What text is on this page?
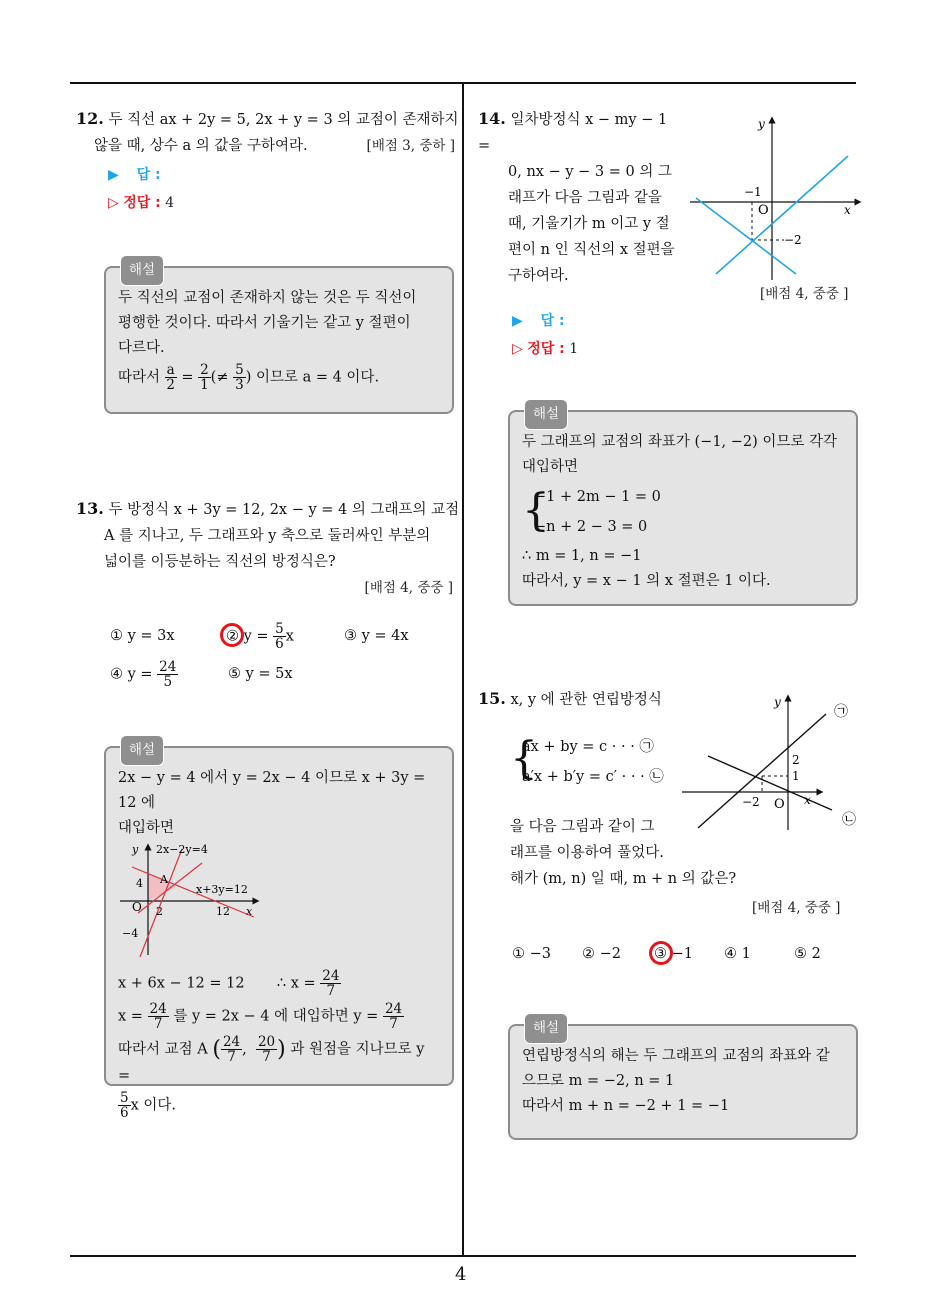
4
12. 두 직선 ax + 2y = 5, 2x + y = 3 의 교점이 존재하지
않을 때, 상수 a 의 값을 구하여라.	[배점 3, 중하 ]
▶ 답 :
▷ 정답 : 4
해설
두 직선의 교점이 존재하지 않는 것은 두 직선이
평행한 것이다. 따라서 기울기는 같고 y 절편이
다르다.
따라서 $\frac{a}{2} = \frac{2}{1}$ (≠ $\frac{5}{3}$ ) 이므로 a = 4 이다.
13. 두 방정식 x + 3y = 12, 2x − y = 4 의 그래프의 교점
A 를 지나고, 두 그래프와 y 축으로 둘러싸인 부분의
넓이를 이등분하는 직선의 방정식은?
[배점 4, 중중 ]
① y = 3x	② $y = \frac{5}{6}$ x	③ y = 4x
④ $y = \frac{24}{5}$	⑤ y = 5x
해설
2x − y = 4 에서 y = 2x − 4 이므로 x + 3y = 12 에
대입하면
y
x
O
2x−2y=4
x+3y=12
A
4
2	12
−4
x + 6x − 12 = 12 ∴ $x = \frac{24}{7}$
$x = \frac{24}{7}$ 를 y = 2x − 4 에 대입하면 $y = \frac{24}{7}$
따라서 교점 A ( $\frac{24}{7}$ , $\frac{20}{7}$ ) 과 원점을 지나므로 y =
$\frac{5}{6}$ x 이다.
14. 일차방정식 x − my − 1 =
0, nx − y − 3 = 0 의 그
래프가 다음 그림과 같을
때, 기울기가 m 이고 y 절
편이 n 인 직선의 x 절편을
구하여라.
y
x
O
−1
−2
[배점 4, 중중 ]
▶ 답 :
▷ 정답 : 1
해설
두 그래프의 교점의 좌표가 (−1, −2) 이므로 각각
대입하면
{
−1 + 2m − 1 = 0
−n + 2 − 3 = 0
∴ m = 1, n = −1
따라서, y = x − 1 의 x 절편은 1 이다.
15. x, y 에 관한 연립방정식
{
ax + by = c · · · ㉠
a′x + b′y = c′ · · · ㉡
을 다음 그림과 같이 그
래프를 이용하여 풀었다.
해가 (m, n) 일 때, m + n 의 값은?
y
x
O
2
1
−2
㉠
㉡
[배점 4, 중중 ]
① −3 ② −2 ③ −1 ④ 1	⑤ 2
해설
연립방정식의 해는 두 그래프의 교점의 좌표와 같
으므로 m = −2, n = 1
따라서 m + n = −2 + 1 = −1
